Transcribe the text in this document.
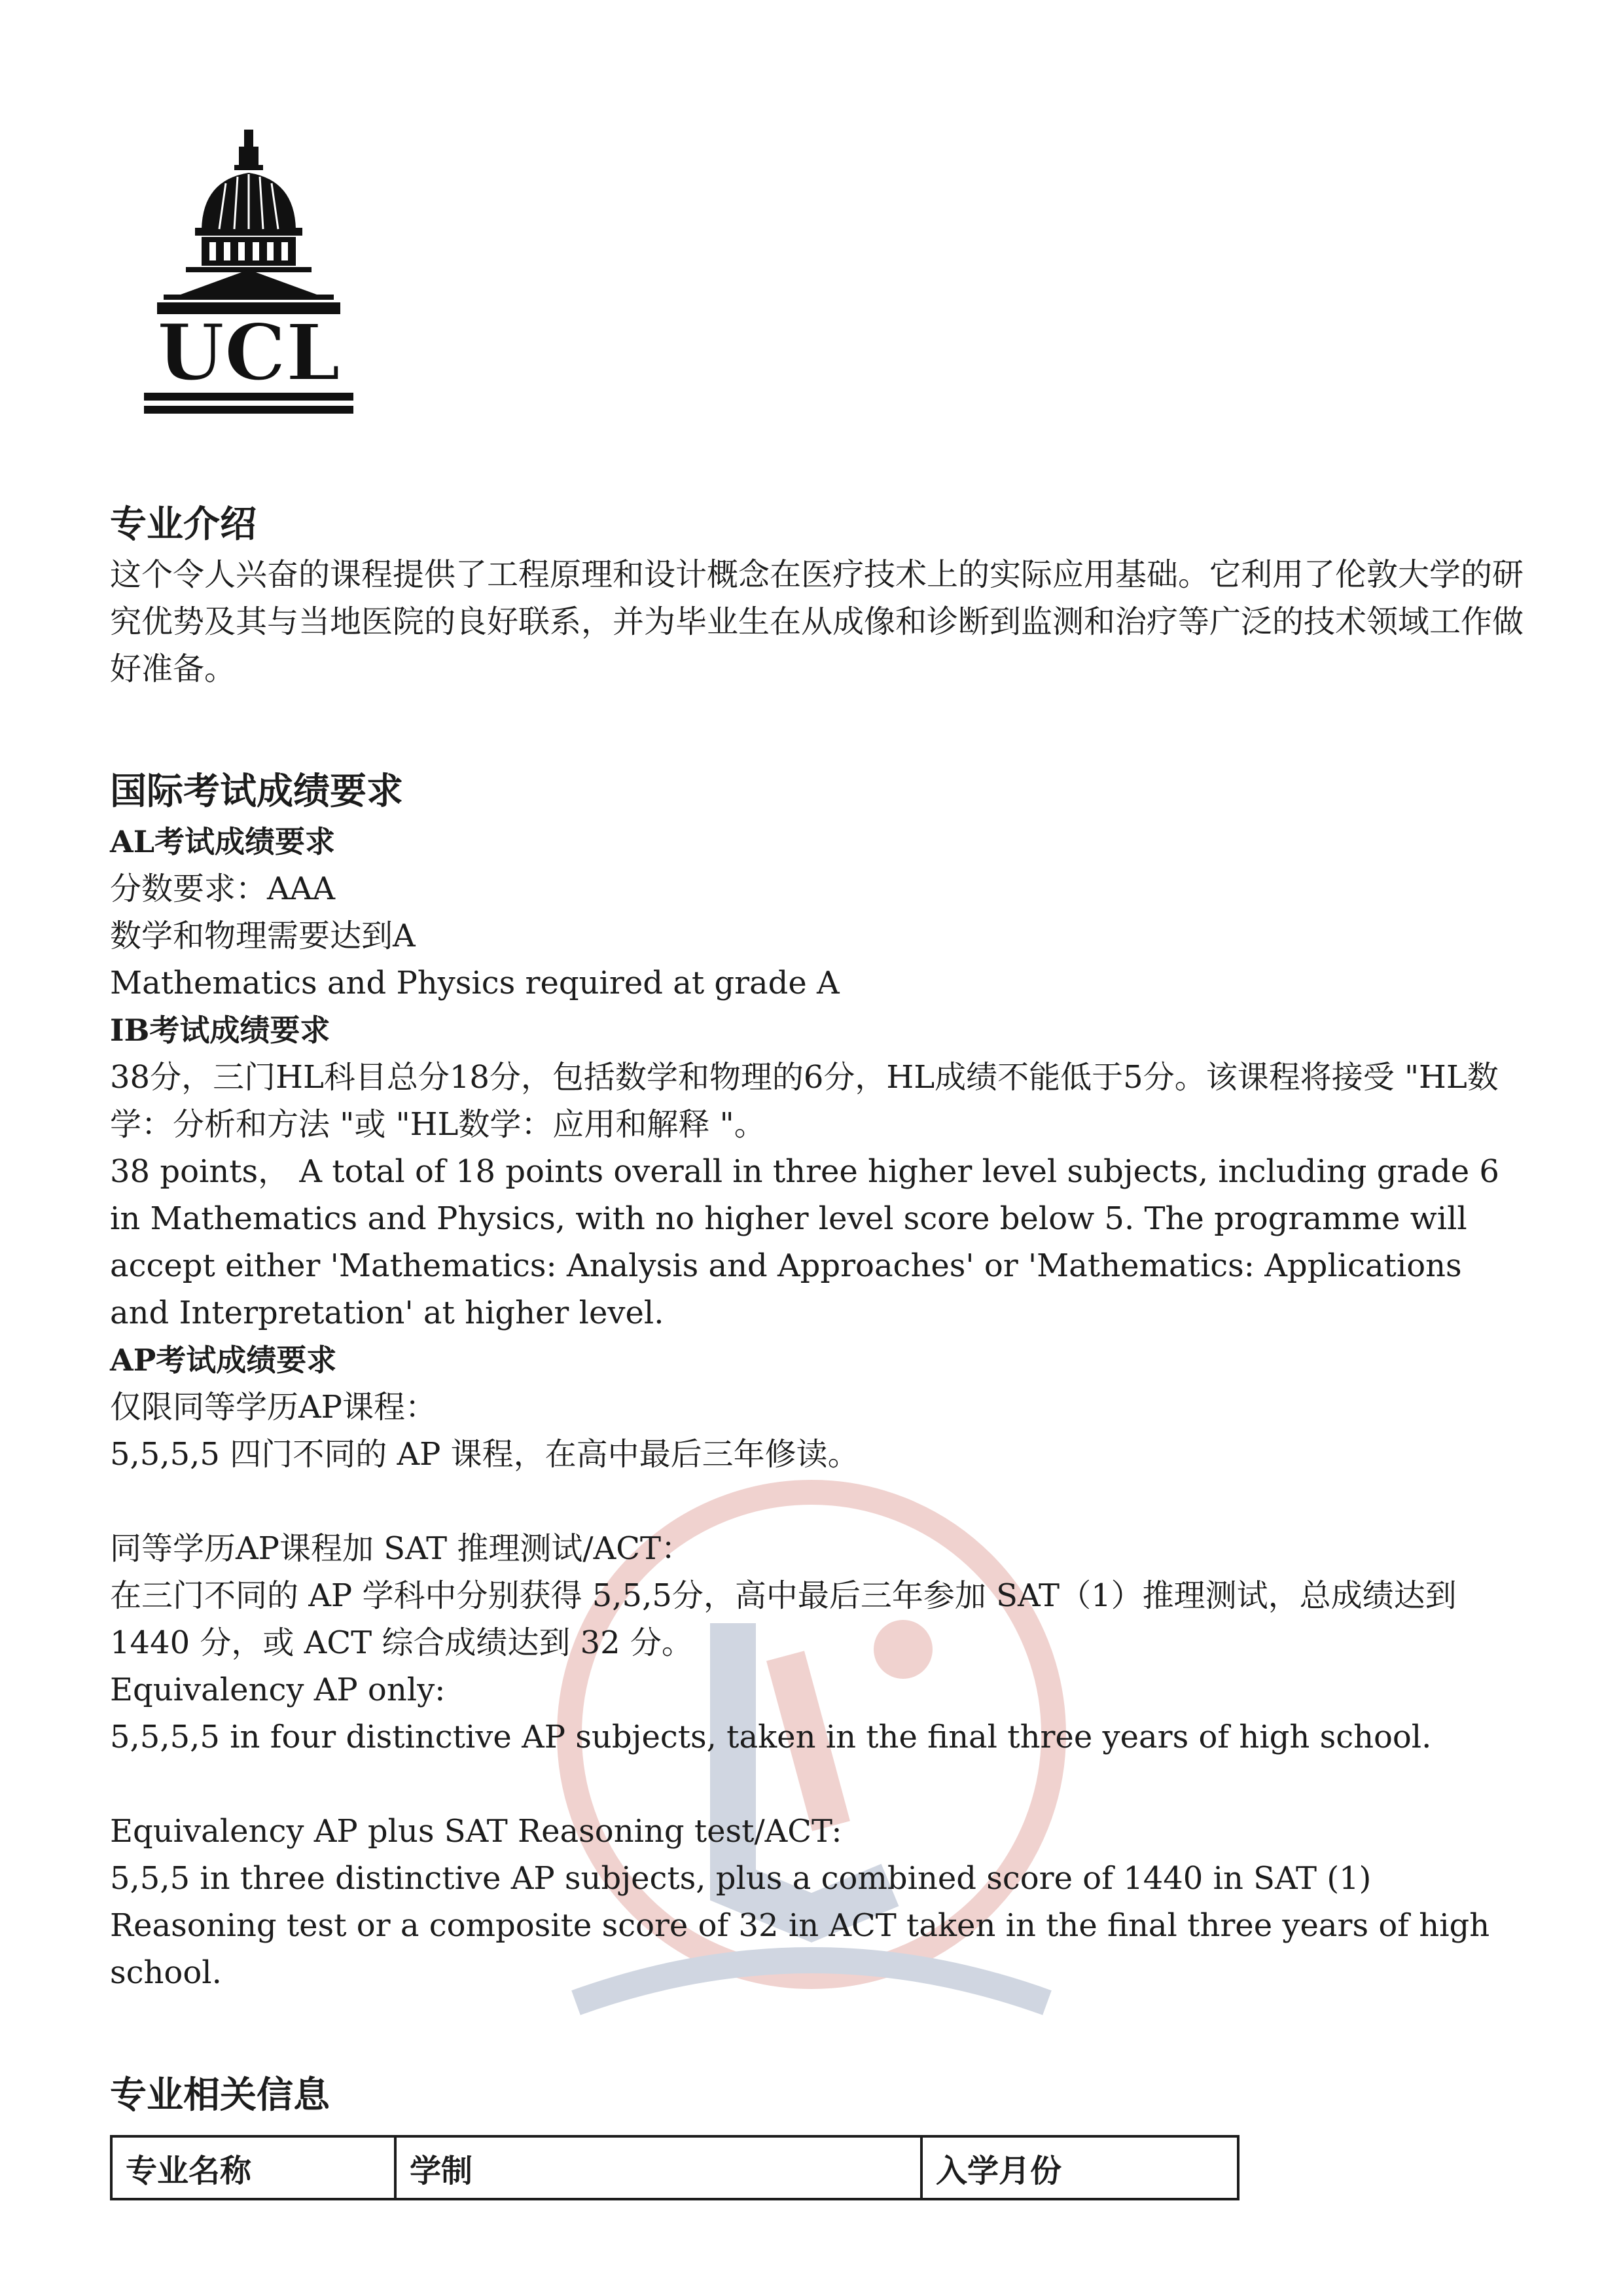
UCL

专业介绍

这个令人兴奋的课程提供了工程原理和设计概念在医疗技术上的实际应用基础。它利用了伦敦大学的研究优势及其与当地医院的良好联系，并为毕业生在从成像和诊断到监测和治疗等广泛的技术领域工作做好准备。

国际考试成绩要求

AL考试成绩要求

分数要求：AAA

数学和物理需要达到A

Mathematics and Physics required at grade A

IB考试成绩要求

38分，三门HL科目总分18分，包括数学和物理的6分，HL成绩不能低于5分。该课程将接受 "HL数学：分析和方法 "或 "HL数学：应用和解释 "。

38 points， A total of 18 points overall in three higher level subjects, including grade 6 in Mathematics and Physics, with no higher level score below 5. The programme will accept either 'Mathematics: Analysis and Approaches' or 'Mathematics: Applications and Interpretation' at higher level.

AP考试成绩要求

仅限同等学历AP课程：

5,5,5,5 四门不同的 AP 课程，在高中最后三年修读。

同等学历AP课程加 SAT 推理测试/ACT：

在三门不同的 AP 学科中分别获得 5,5,5分，高中最后三年参加 SAT（1）推理测试，总成绩达到 1440 分，或 ACT 综合成绩达到 32 分。

Equivalency AP only:

5,5,5,5 in four distinctive AP subjects, taken in the final three years of high school.

Equivalency AP plus SAT Reasoning test/ACT:

5,5,5 in three distinctive AP subjects, plus a combined score of 1440 in SAT (1) Reasoning test or a composite score of 32 in ACT taken in the final three years of high school.

专业相关信息

专业名称	学制	入学月份
